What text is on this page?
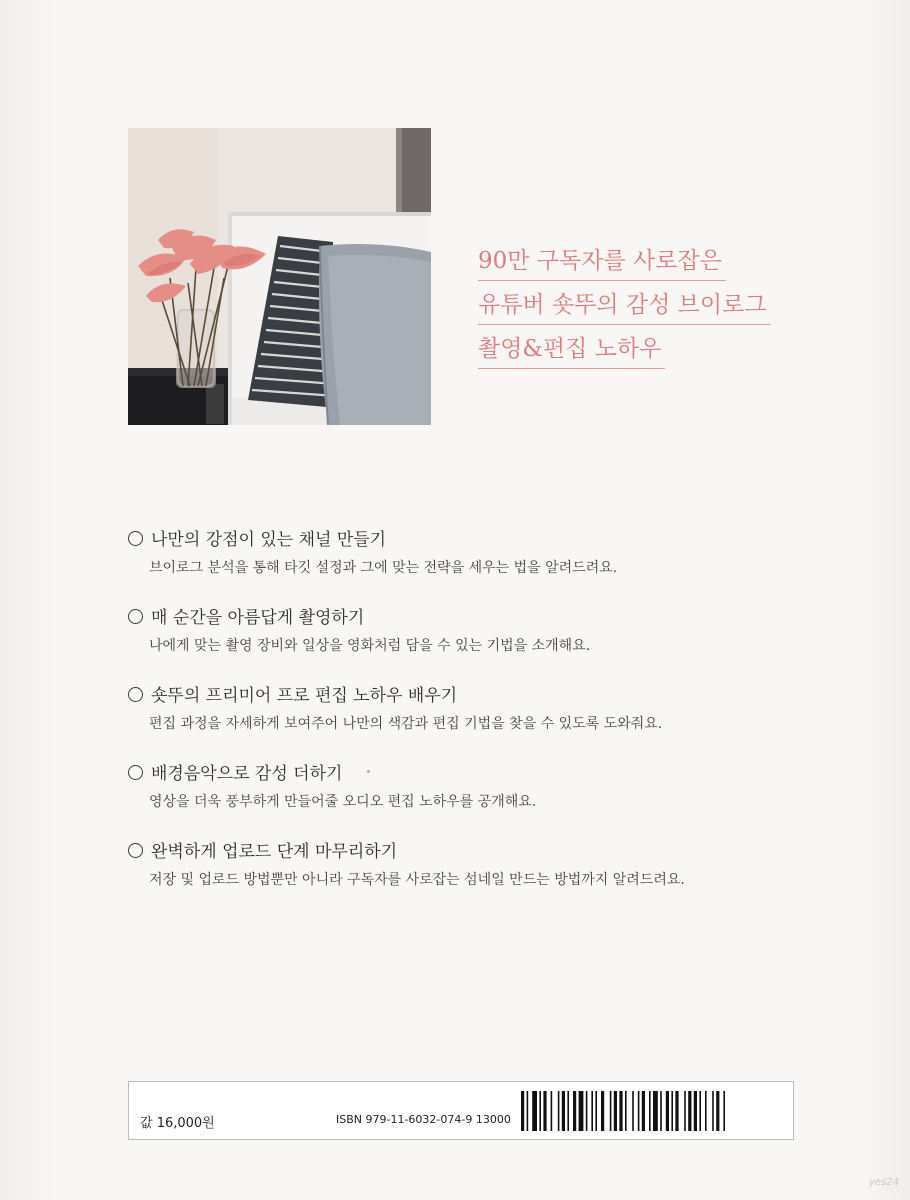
90만 구독자를 사로잡은
유튜버 숏뚜의 감성 브이로그
촬영&편집 노하우
나만의 강점이 있는 채널 만들기
브이로그 분석을 통해 타깃 설정과 그에 맞는 전략을 세우는 법을 알려드려요.
매 순간을 아름답게 촬영하기
나에게 맞는 촬영 장비와 일상을 영화처럼 담을 수 있는 기법을 소개해요.
숏뚜의 프리미어 프로 편집 노하우 배우기
편집 과정을 자세하게 보여주어 나만의 색감과 편집 기법을 찾을 수 있도록 도와줘요.
배경음악으로 감성 더하기
영상을 더욱 풍부하게 만들어줄 오디오 편집 노하우를 공개해요.
완벽하게 업로드 단계 마무리하기
저장 및 업로드 방법뿐만 아니라 구독자를 사로잡는 섬네일 만드는 방법까지 알려드려요.
값 16,000원	ISBN 979-11-6032-074-9 13000
yes24
